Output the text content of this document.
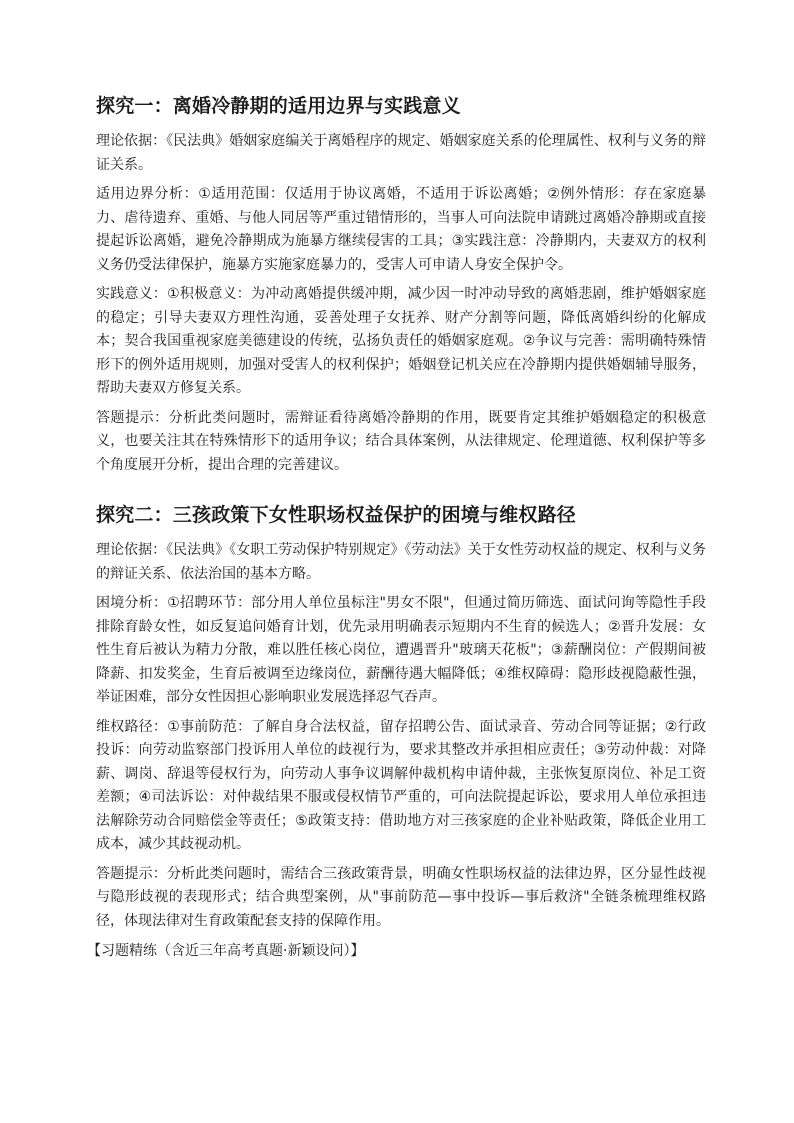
探究一：离婚冷静期的适用边界与实践意义

理论依据：《民法典》婚姻家庭编关于离婚程序的规定、婚姻家庭关系的伦理属性、权利与义务的辩证关系。

适用边界分析：①适用范围：仅适用于协议离婚，不适用于诉讼离婚；②例外情形：存在家庭暴力、虐待遗弃、重婚、与他人同居等严重过错情形的，当事人可向法院申请跳过离婚冷静期或直接提起诉讼离婚，避免冷静期成为施暴方继续侵害的工具；③实践注意：冷静期内，夫妻双方的权利义务仍受法律保护，施暴方实施家庭暴力的，受害人可申请人身安全保护令。

实践意义：①积极意义：为冲动离婚提供缓冲期，减少因一时冲动导致的离婚悲剧，维护婚姻家庭的稳定；引导夫妻双方理性沟通，妥善处理子女抚养、财产分割等问题，降低离婚纠纷的化解成本；契合我国重视家庭美德建设的传统，弘扬负责任的婚姻家庭观。②争议与完善：需明确特殊情形下的例外适用规则，加强对受害人的权利保护；婚姻登记机关应在冷静期内提供婚姻辅导服务，帮助夫妻双方修复关系。

答题提示：分析此类问题时，需辩证看待离婚冷静期的作用，既要肯定其维护婚姻稳定的积极意义，也要关注其在特殊情形下的适用争议；结合具体案例，从法律规定、伦理道德、权利保护等多个角度展开分析，提出合理的完善建议。

探究二：三孩政策下女性职场权益保护的困境与维权路径

理论依据：《民法典》《女职工劳动保护特别规定》《劳动法》关于女性劳动权益的规定、权利与义务的辩证关系、依法治国的基本方略。

困境分析：①招聘环节：部分用人单位虽标注"男女不限"，但通过简历筛选、面试问询等隐性手段排除育龄女性，如反复追问婚育计划，优先录用明确表示短期内不生育的候选人；②晋升发展：女性生育后被认为精力分散，难以胜任核心岗位，遭遇晋升"玻璃天花板"；③薪酬岗位：产假期间被降薪、扣发奖金，生育后被调至边缘岗位，薪酬待遇大幅降低；④维权障碍：隐形歧视隐蔽性强，举证困难，部分女性因担心影响职业发展选择忍气吞声。

维权路径：①事前防范：了解自身合法权益，留存招聘公告、面试录音、劳动合同等证据；②行政投诉：向劳动监察部门投诉用人单位的歧视行为，要求其整改并承担相应责任；③劳动仲裁：对降薪、调岗、辞退等侵权行为，向劳动人事争议调解仲裁机构申请仲裁，主张恢复原岗位、补足工资差额；④司法诉讼：对仲裁结果不服或侵权情节严重的，可向法院提起诉讼，要求用人单位承担违法解除劳动合同赔偿金等责任；⑤政策支持：借助地方对三孩家庭的企业补贴政策，降低企业用工成本，减少其歧视动机。

答题提示：分析此类问题时，需结合三孩政策背景，明确女性职场权益的法律边界，区分显性歧视与隐形歧视的表现形式；结合典型案例，从"事前防范—事中投诉—事后救济"全链条梳理维权路径，体现法律对生育政策配套支持的保障作用。

【习题精练（含近三年高考真题·新颖设问）】
